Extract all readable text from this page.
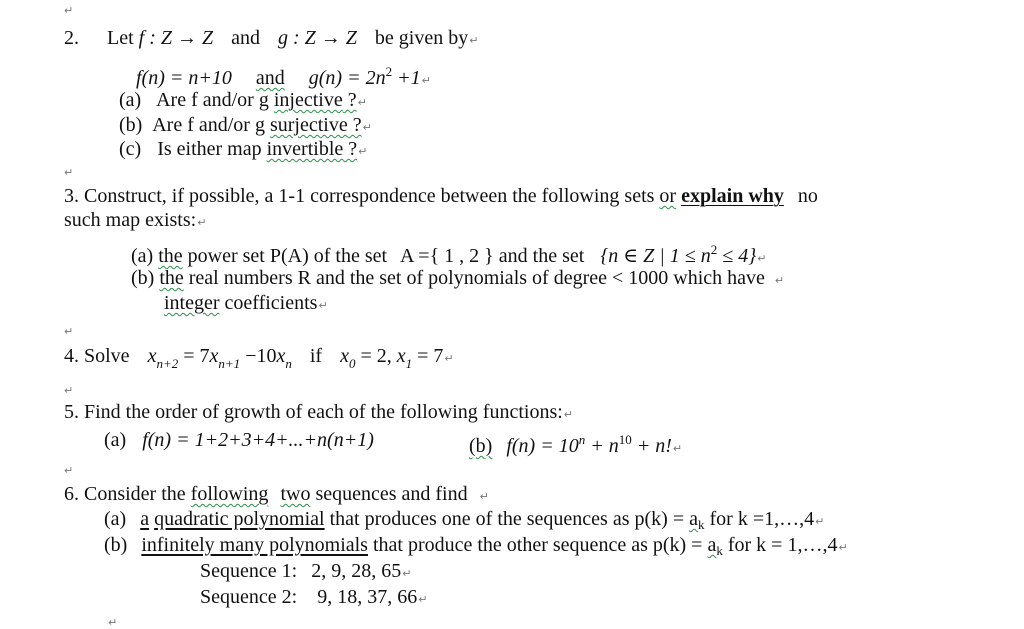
↵
2. Let f : Z → Z and g : Z → Z be given by↵
f(n) = n+10 and $g(n) = 2n^2$ +1↵
(a) Are f and/or g injective ?↵
(b) Are f and/or g surjective ?↵
(c) Is either map invertible ?↵
↵
3. Construct, if possible, a 1-1 correspondence between the following sets or explain why no
such map exists:↵
(a) the power set P(A) of the set A ={ 1 , 2 } and the set {n ∈ Z | $1 \le n^2$ ≤ 4}↵
(b) the real numbers R and the set of polynomials of degree < 1000 which have ↵
integer coefficients↵
↵
4. Solve $x_{n+2} = 7x_{n+1} -10x_n$ if $x_0 = 2$, $x_1$ = 7↵
↵
5. Find the order of growth of each of the following functions:↵
(a) f(n) = 1+2+3+4+...+n(n+1)	(b) $f(n) = 10^n + n^{10}$ + n!↵
↵
6. Consider the following two sequences and find ↵
(a) a quadratic polynomial that produces one of the sequences as $p(k) = a_k$ for k =1,…,4↵
(b) infinitely many polynomials that produce the other sequence as $p(k) = a_k$ for k = 1,…,4↵
Sequence 1: 2, 9, 28, 65↵
Sequence 2: 9, 18, 37, 66↵
↵
